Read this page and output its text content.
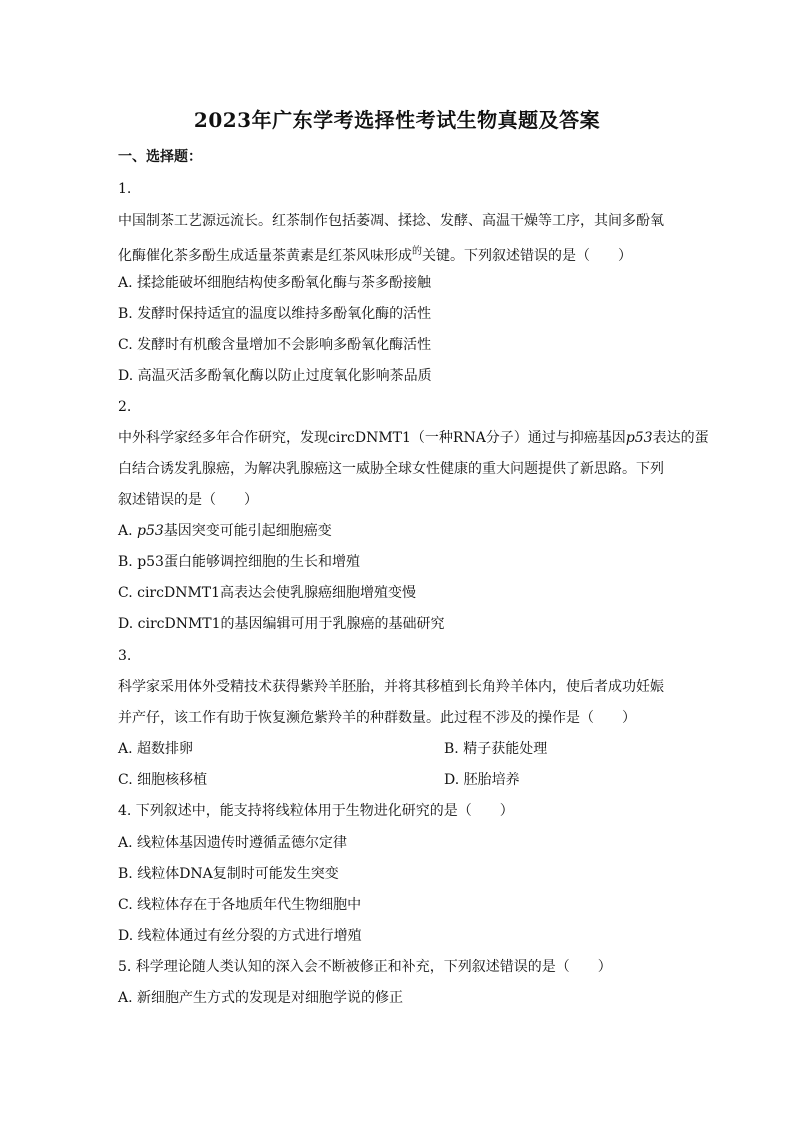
2023年广东学考选择性考试生物真题及答案
一、选择题：
1.
中国制茶工艺源远流长。红茶制作包括萎凋、揉捻、发酵、高温干燥等工序，其间多酚氧
化酶催化茶多酚生成适量茶黄素是红茶风味形成$^的$关键。下列叙述错误的是（　　）
A. 揉捻能破坏细胞结构使多酚氧化酶与茶多酚接触
B. 发酵时保持适宜的温度以维持多酚氧化酶的活性
C. 发酵时有机酸含量增加不会影响多酚氧化酶活性
D. 高温灭活多酚氧化酶以防止过度氧化影响茶品质
2.
中外科学家经多年合作研究，发现circDNMT1（一种RNA分子）通过与抑癌基因p53表达的蛋
白结合诱发乳腺癌，为解决乳腺癌这一威胁全球女性健康的重大问题提供了新思路。下列
叙述错误的是（　　）
A. p53基因突变可能引起细胞癌变
B. p53蛋白能够调控细胞的生长和增殖
C. circDNMT1高表达会使乳腺癌细胞增殖变慢
D. circDNMT1的基因编辑可用于乳腺癌的基础研究
3.
科学家采用体外受精技术获得紫羚羊胚胎，并将其移植到长角羚羊体内，使后者成功妊娠
并产仔，该工作有助于恢复濒危紫羚羊的种群数量。此过程不涉及的操作是（　　）
A. 超数排卵	B. 精子获能处理
C. 细胞核移植	D. 胚胎培养
4. 下列叙述中，能支持将线粒体用于生物进化研究的是（　　）
A. 线粒体基因遗传时遵循孟德尔定律
B. 线粒体DNA复制时可能发生突变
C. 线粒体存在于各地质年代生物细胞中
D. 线粒体通过有丝分裂的方式进行增殖
5. 科学理论随人类认知的深入会不断被修正和补充，下列叙述错误的是（　　）
A. 新细胞产生方式的发现是对细胞学说的修正
